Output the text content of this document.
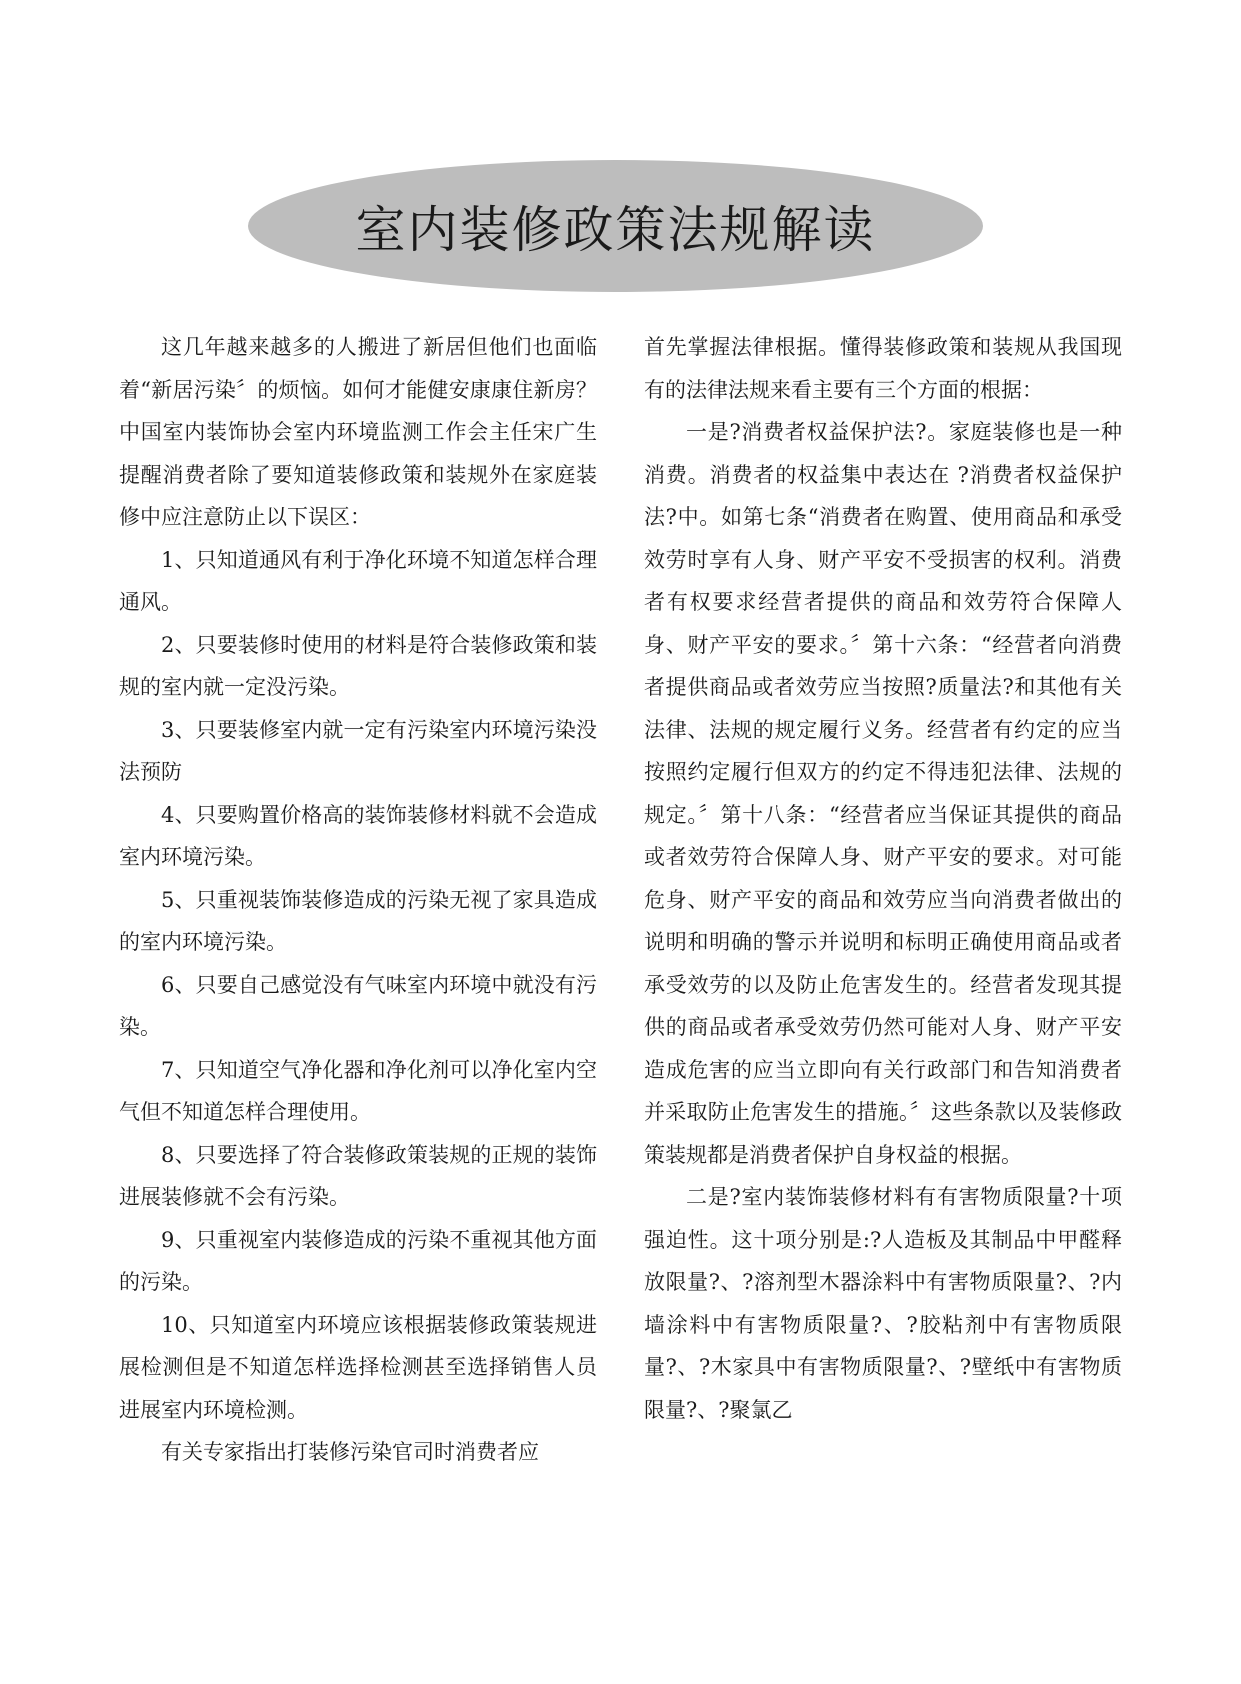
室内装修政策法规解读

这几年越来越多的人搬进了新居但他们也面临着“新居污染〞的烦恼。如何才能健安康康住新房？中国室内装饰协会室内环境监测工作会主任宋广生提醒消费者除了要知道装修政策和装规外在家庭装修中应注意防止以下误区：

1、只知道通风有利于净化环境不知道怎样合理通风。

2、只要装修时使用的材料是符合装修政策和装规的室内就一定没污染。

3、只要装修室内就一定有污染室内环境污染没法预防

4、只要购置价格高的装饰装修材料就不会造成室内环境污染。

5、只重视装饰装修造成的污染无视了家具造成的室内环境污染。

6、只要自己感觉没有气味室内环境中就没有污染。

7、只知道空气净化器和净化剂可以净化室内空气但不知道怎样合理使用。

8、只要选择了符合装修政策装规的正规的装饰进展装修就不会有污染。

9、只重视室内装修造成的污染不重视其他方面的污染。

10、只知道室内环境应该根据装修政策装规进展检测但是不知道怎样选择检测甚至选择销售人员进展室内环境检测。

有关专家指出打装修污染官司时消费者应

首先掌握法律根据。懂得装修政策和装规从我国现有的法律法规来看主要有三个方面的根据：

一是?消费者权益保护法?。家庭装修也是一种消费。消费者的权益集中表达在 ?消费者权益保护法?中。如第七条“消费者在购置、使用商品和承受效劳时享有人身、财产平安不受损害的权利。消费者有权要求经营者提供的商品和效劳符合保障人身、财产平安的要求。〞第十六条：“经营者向消费者提供商品或者效劳应当按照?质量法?和其他有关法律、法规的规定履行义务。经营者有约定的应当按照约定履行但双方的约定不得违犯法律、法规的规定。〞第十八条：“经营者应当保证其提供的商品或者效劳符合保障人身、财产平安的要求。对可能危身、财产平安的商品和效劳应当向消费者做出的说明和明确的警示并说明和标明正确使用商品或者承受效劳的以及防止危害发生的。经营者发现其提供的商品或者承受效劳仍然可能对人身、财产平安造成危害的应当立即向有关行政部门和告知消费者并采取防止危害发生的措施。〞这些条款以及装修政策装规都是消费者保护自身权益的根据。

二是?室内装饰装修材料有有害物质限量?十项强迫性。这十项分别是:?人造板及其制品中甲醛释放限量?、?溶剂型木器涂料中有害物质限量?、?内墙涂料中有害物质限量?、?胶粘剂中有害物质限量?、?木家具中有害物质限量?、?壁纸中有害物质限量?、?聚氯乙
